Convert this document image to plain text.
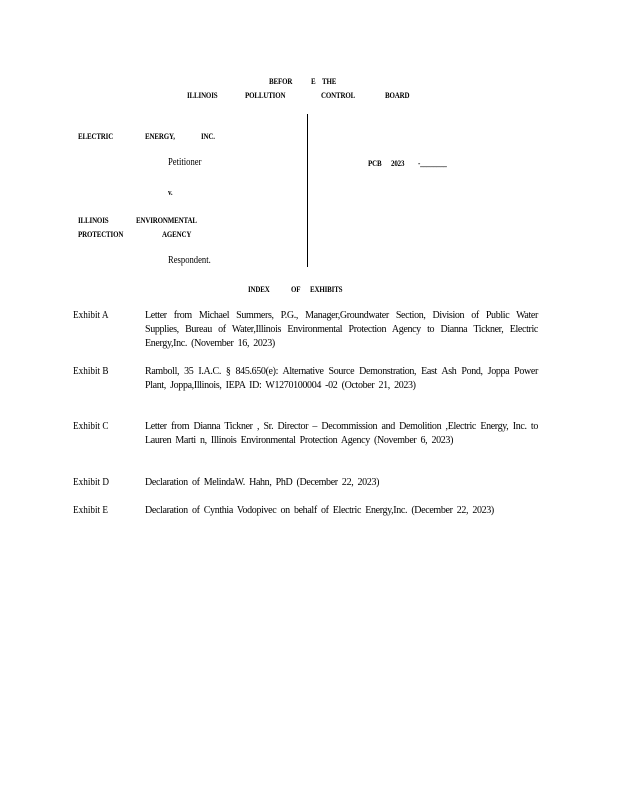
BEFOR E THE
ILLINOIS	POLLUTION	CONTROL	BOARD
ELECTRIC	ENERGY,	INC.
Petitioner
v.
ILLINOIS	ENVIRONMENTAL
PROTECTION	AGENCY
Respondent.
PCB 2023 -________
INDEX	OF EXHIBITS
Exhibit A	Letter from Michael Summers, P.G., Manager,Groundwater Section, Division of Public Water Supplies, Bureau of Water,Illinois Environmental Protection Agency to Dianna Tickner, Electric Energy,Inc. (November 16, 2023)
Exhibit B	Ramboll, 35 I.A.C. § 845.650(e): Alternative Source Demonstration, East Ash Pond, Joppa Power Plant, Joppa,Illinois, IEPA ID: W1270100004 -02 (October 21, 2023)
Exhibit C	Letter from Dianna Tickner , Sr. Director – Decommission and Demolition ,Electric Energy, Inc. to Lauren Marti n, Illinois Environmental Protection Agency (November 6, 2023)
Exhibit D	Declaration of MelindaW. Hahn, PhD (December 22, 2023)
Exhibit E	Declaration of Cynthia Vodopivec on behalf of Electric Energy,Inc. (December 22, 2023)
